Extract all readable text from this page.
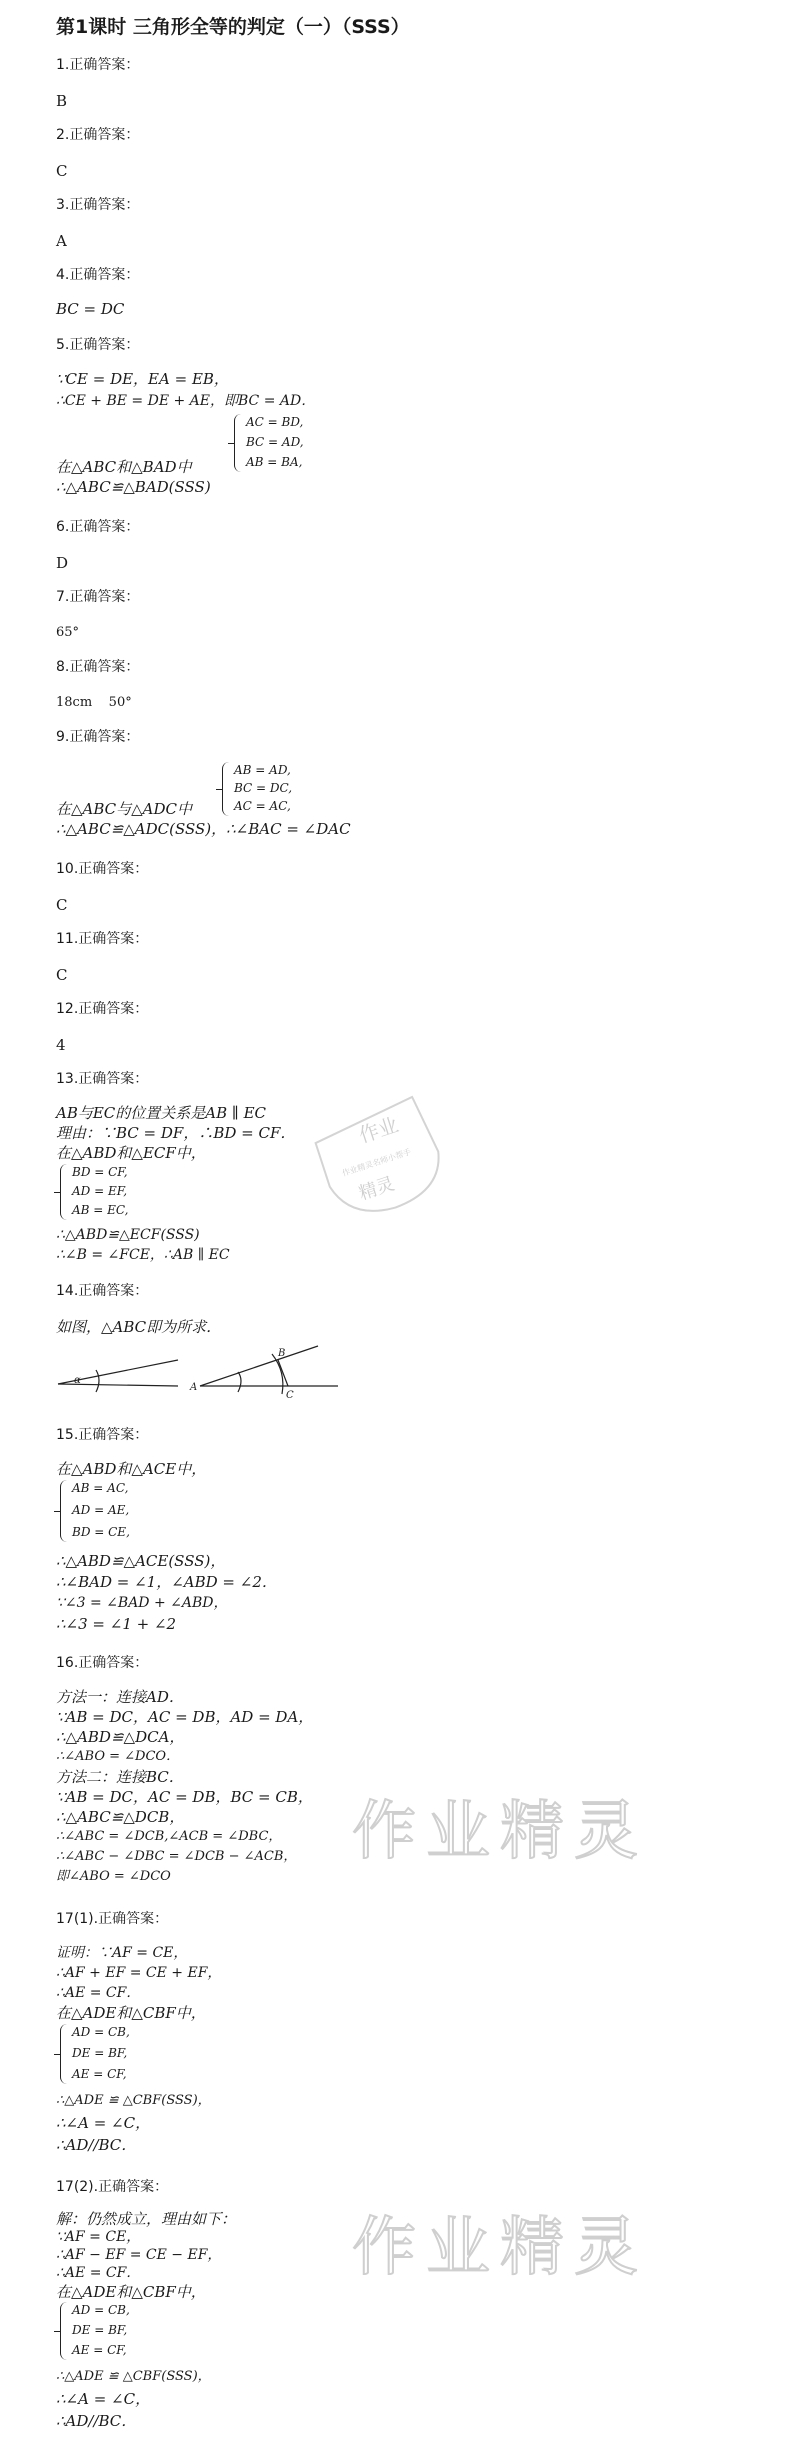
第1课时 三角形全等的判定（一）（SSS）
1.正确答案：
B
2.正确答案：
C
3.正确答案：
A
4.正确答案：
BC = DC
5.正确答案：
∵CE = DE，EA = EB，
∴CE + BE = DE + AE，即BC = AD．
AC = BD,
BC = AD,
AB = BA,
在△ABC和△BAD中
∴△ABC≌△BAD(SSS)
6.正确答案：
D
7.正确答案：
65°
8.正确答案：
18cm    50°
9.正确答案：
AB = AD,
BC = DC,
AC = AC,
在△ABC与△ADC中
∴△ABC≌△ADC(SSS)，∴∠BAC = ∠DAC
10.正确答案：
C
11.正确答案：
C
12.正确答案：
4
13.正确答案：
AB与EC的位置关系是AB ∥ EC
理由：∵BC = DF，∴BD = CF．
在△ABD和△ECF中，
BD = CF,
AD = EF,
AB = EC,
∴△ABD≌△ECF(SSS)
∴∠B = ∠FCE，∴AB ∥ EC
作业
作业精灵名师小帮手
精灵
14.正确答案：
如图，△ABC即为所求．
α
A
B
C
15.正确答案：
在△ABD和△ACE中，
AB = AC,
AD = AE,
BD = CE,
∴△ABD≌△ACE(SSS)，
∴∠BAD = ∠1，∠ABD = ∠2．
∵∠3 = ∠BAD + ∠ABD，
∴∠3 = ∠1 + ∠2
16.正确答案：
方法一：连接AD．
∵AB = DC，AC = DB，AD = DA，
∴△ABD≌△DCA，
∴∠ABO = ∠DCO．
方法二：连接BC．
∵AB = DC，AC = DB，BC = CB，
∴△ABC≌△DCB，
∴∠ABC = ∠DCB,∠ACB = ∠DBC，
∴∠ABC − ∠DBC = ∠DCB − ∠ACB，
即∠ABO = ∠DCO
作业精灵
17(1).正确答案：
证明：∵AF = CE，
∴AF + EF = CE + EF，
∴AE = CF．
在△ADE和△CBF中，
AD = CB,
DE = BF,
AE = CF,
∴△ADE ≌ △CBF(SSS)，
∴∠A = ∠C，
∴AD//BC．
17(2).正确答案：
解：仍然成立，理由如下：
∵AF = CE，
∴AF − EF = CE − EF，
∴AE = CF．
在△ADE和△CBF中，
AD = CB,
DE = BF,
AE = CF,
∴△ADE ≌ △CBF(SSS)，
∴∠A = ∠C，
∴AD//BC．
作业精灵
